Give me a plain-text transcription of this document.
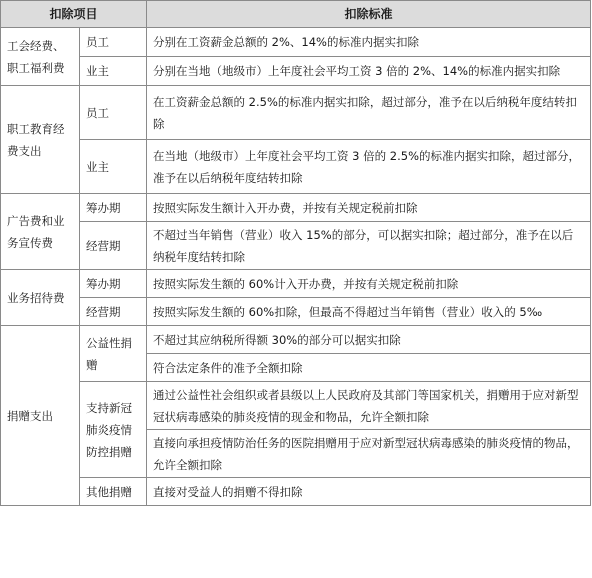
扣除项目		扣除标准
工会经费、职工福利费	员工	分别在工资薪金总额的 2%、14%的标准内据实扣除
	业主	分别在当地（地级市）上年度社会平均工资 3 倍的 2%、14%的标准内据实扣除
职工教育经费支出	员工	在工资薪金总额的 2.5%的标准内据实扣除，超过部分，准予在以后纳税年度结转扣除
	业主	在当地（地级市）上年度社会平均工资 3 倍的 2.5%的标准内据实扣除，超过部分，准予在以后纳税年度结转扣除
广告费和业务宣传费	筹办期	按照实际发生额计入开办费，并按有关规定税前扣除
	经营期	不超过当年销售（营业）收入 15%的部分，可以据实扣除；超过部分，准予在以后纳税年度结转扣除
业务招待费	筹办期	按照实际发生额的 60%计入开办费，并按有关规定税前扣除
	经营期	按照实际发生额的 60%扣除，但最高不得超过当年销售（营业）收入的 5‰
捐赠支出	公益性捐赠	不超过其应纳税所得额 30%的部分可以据实扣除
		符合法定条件的准予全额扣除
	支持新冠肺炎疫情防控捐赠	通过公益性社会组织或者县级以上人民政府及其部门等国家机关，捐赠用于应对新型冠状病毒感染的肺炎疫情的现金和物品，允许全额扣除
		直接向承担疫情防治任务的医院捐赠用于应对新型冠状病毒感染的肺炎疫情的物品，允许全额扣除
	其他捐赠	直接对受益人的捐赠不得扣除
